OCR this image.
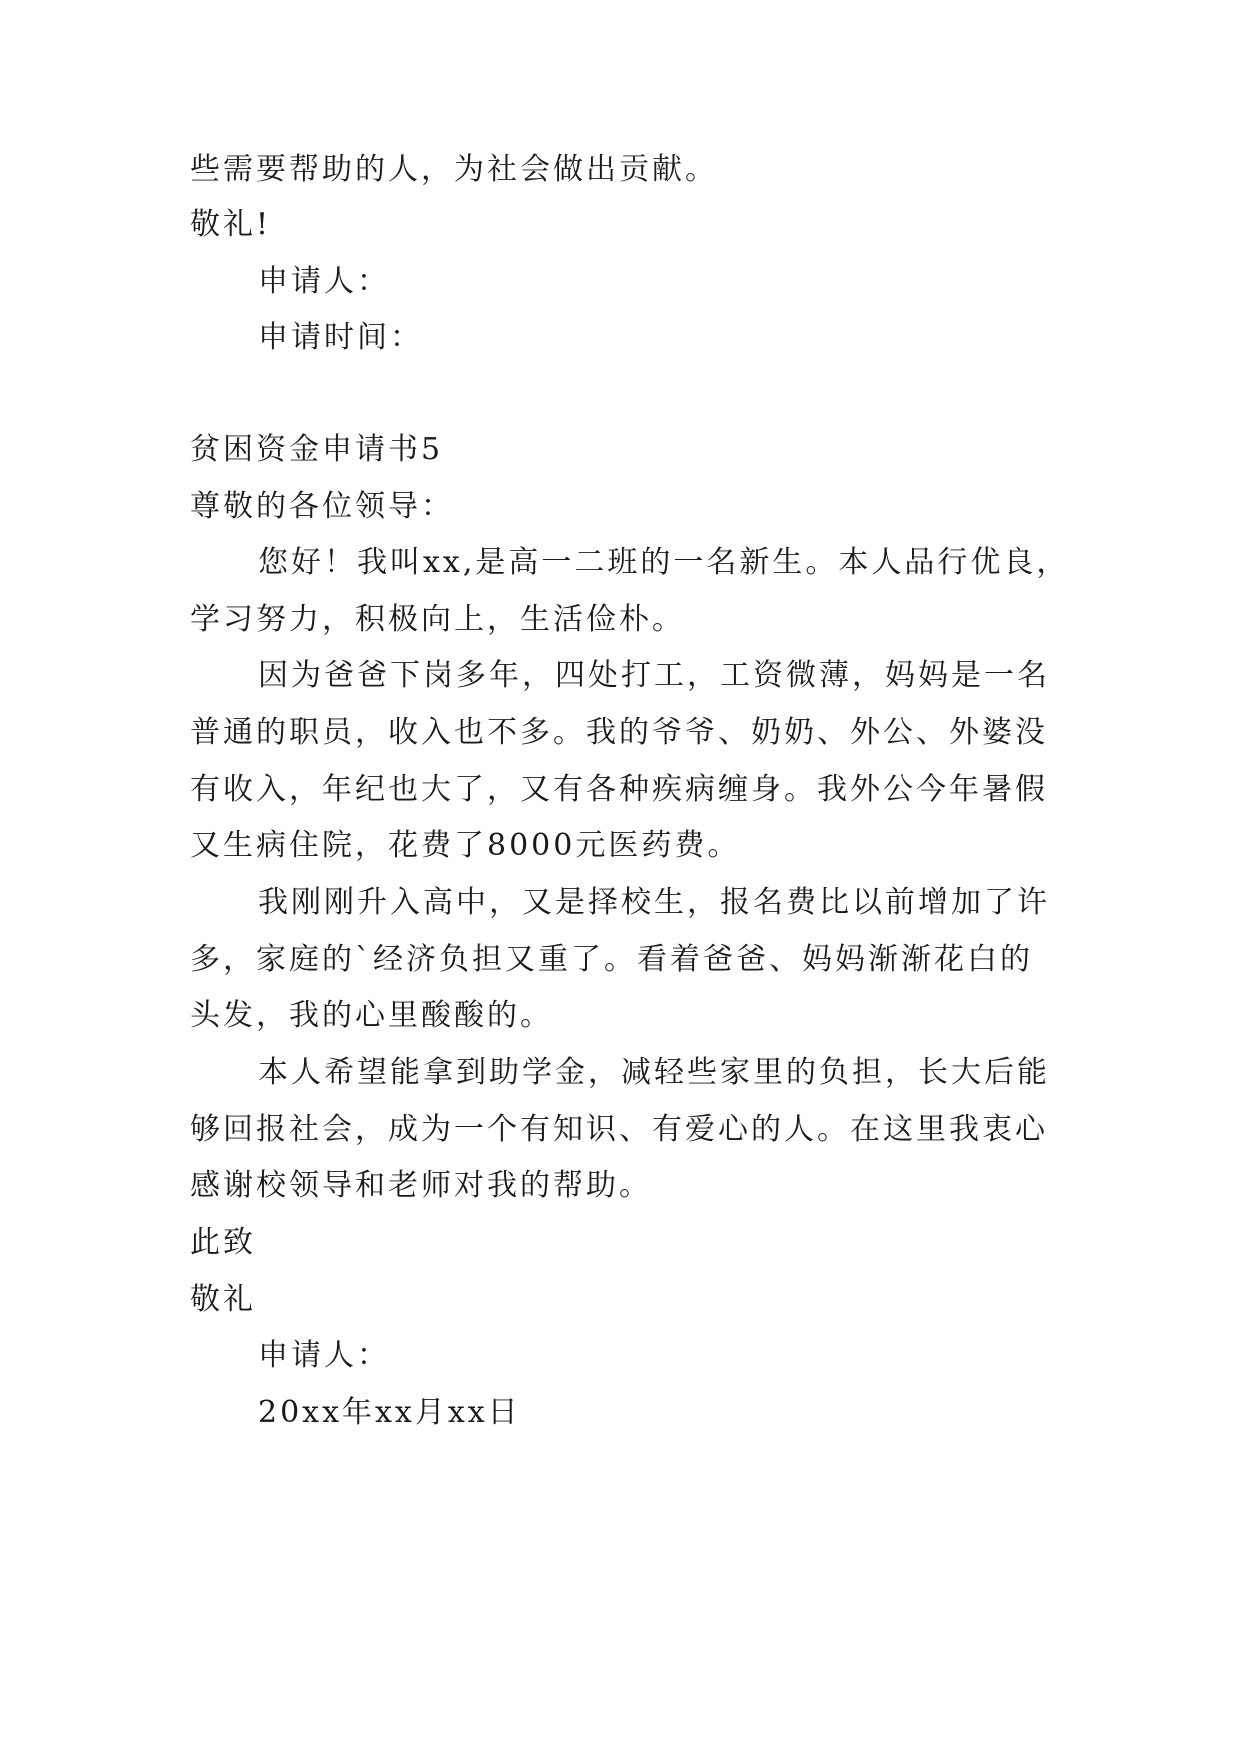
些需要帮助的人，为社会做出贡献。
敬礼!
申请人：
申请时间：
贫困资金申请书5
尊敬的各位领导：
您好！我叫xx,是高一二班的一名新生。本人品行优良，
学习努力，积极向上，生活俭朴。
因为爸爸下岗多年，四处打工，工资微薄，妈妈是一名
普通的职员，收入也不多。我的爷爷、奶奶、外公、外婆没
有收入，年纪也大了，又有各种疾病缠身。我外公今年暑假
又生病住院，花费了8000元医药费。
我刚刚升入高中，又是择校生，报名费比以前增加了许
多，家庭的`经济负担又重了。看着爸爸、妈妈渐渐花白的
头发，我的心里酸酸的。
本人希望能拿到助学金，减轻些家里的负担，长大后能
够回报社会，成为一个有知识、有爱心的人。在这里我衷心
感谢校领导和老师对我的帮助。
此致
敬礼
申请人：
20xx年xx月xx日
